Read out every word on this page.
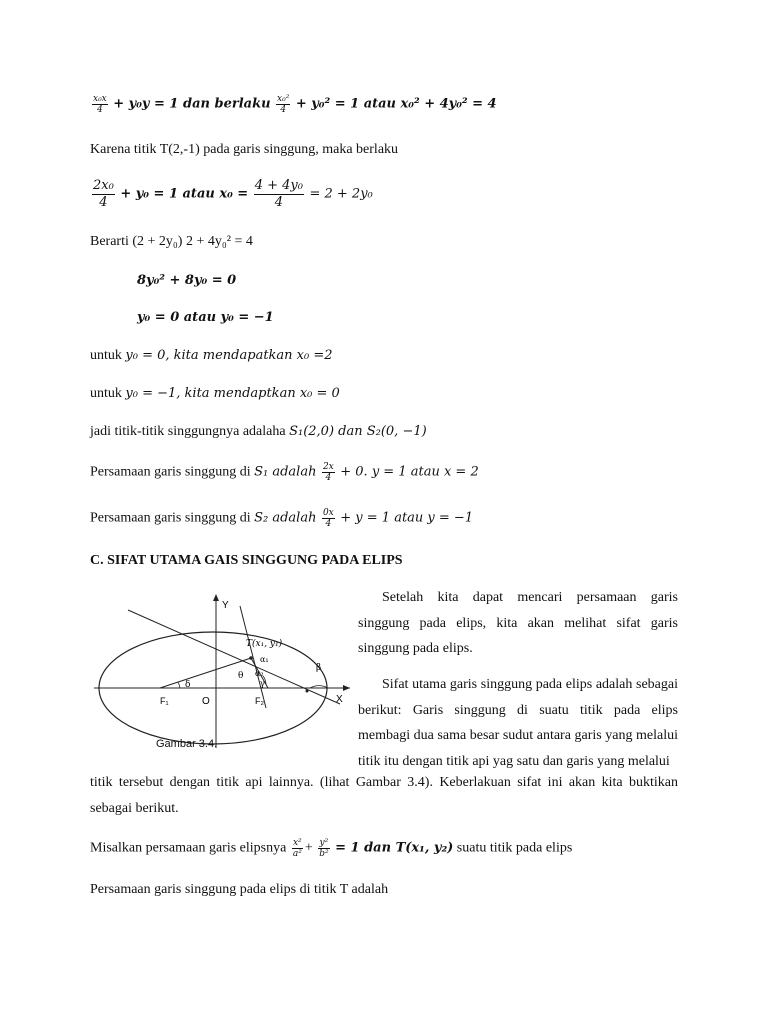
$\frac{\text{x₀x}}{4} + y_0y = 1$ dan berlaku $\frac{\text{x₀²}}{4} + y_0^2 = 1$ atau x₀² + 4y₀² = 4
Karena titik T(2,-1) pada garis singgung, maka berlaku
$\frac{\text{2x₀}}{4} + y_0 = 1$ atau $x_0 = \frac{\text{4 + 4y₀}}{4} = 2 + 2y_0$
Berarti (2 + 2y₀) 2 + 4y₀² = 4
8y₀² + 8y₀ = 0
y₀ = 0 atau y₀ = −1
untuk y₀ = 0, kita mendapatkan x₀ =2
untuk y₀ = −1, kita mendaptkan x₀ = 0
jadi titik-titik singgungnya adalaha S₁(2,0) dan S₂(0, −1)
Persamaan garis singgung di S₁ adalah $\frac{2x}{4} + 0$. y = 1 atau x = 2
Persamaan garis singgung di S₂ adalah $\frac{0x}{4} + y = 1$ atau y = −1
C. SIFAT UTAMA GAIS SINGGUNG PADA ELIPS
Setelah kita dapat mencari persamaan garis singgung pada elips, kita akan melihat sifat garis singgung pada elips.
Sifat utama garis singgung pada elips adalah sebagai berikut: Garis singgung di suatu titik pada elips membagi dua sama besar sudut antara garis yang melalui titik itu dengan titik api yag satu dan garis yang melalui
titik tersebut dengan titik api lainnya. (lihat Gambar 3.4). Keberlakuan sifat ini akan kita buktikan sebagai berikut.
Y
X
T(x₁, y₁)
F₁	O	F₂
δ
θ
α₁
α₂
γ
β
Gambar 3.4.
Misalkan persamaan garis elipsnya $\frac{\text{x²}}{\text{a²}} + \frac{\text{y²}}{\text{b²}} = 1$ dan T(x₁, y₂) suatu titik pada elips
Persamaan garis singgung pada elips di titik T adalah
